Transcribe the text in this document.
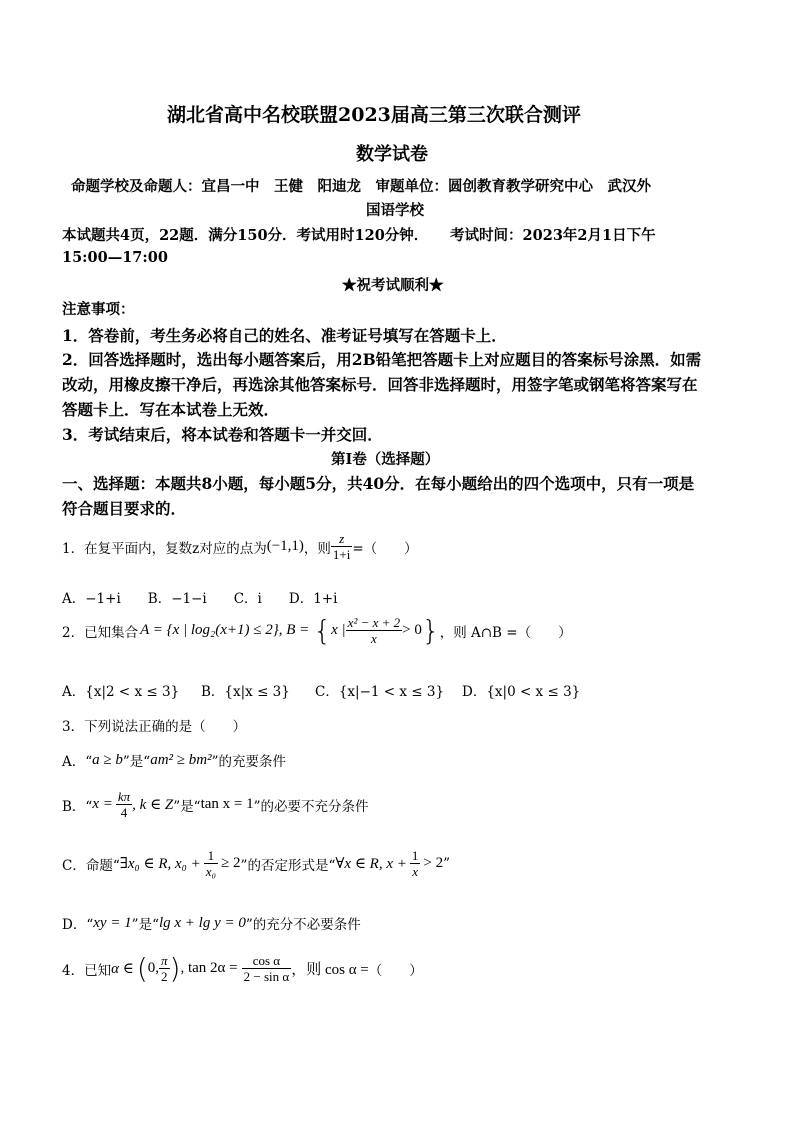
湖北省高中名校联盟2023届高三第三次联合测评
数学试卷
命题学校及命题人：宜昌一中　王健　阳迪龙　审题单位：圆创教育教学研究中心　武汉外
国语学校
本试题共4页，22题．满分150分．考试用时120分钟．　　考试时间：2023年2月1日下午
15:00—17:00
★祝考试顺利★
注意事项：
1．答卷前，考生务必将自己的姓名、准考证号填写在答题卡上．
2．回答选择题时，选出每小题答案后，用2B铅笔把答题卡上对应题目的答案标号涂黑．如需
改动，用橡皮擦干净后，再选涂其他答案标号．回答非选择题时，用签字笔或钢笔将答案写在
答题卡上．写在本试卷上无效．
3．考试结束后，将本试卷和答题卡一并交回．
第Ⅰ卷（选择题）
一、选择题：本题共8小题，每小题5分，共40分．在每小题给出的四个选项中，只有一项是
符合题目要求的．
1．在复平面内，复数z对应的点为 (−1,1) ，则 $\frac{z}{1+i}$ =（　　）
A．−1+i　　B．−1−i　　C．i　　D．1+i
2．已知集合 A = {x | log₂(x+1) ≤ 2}, B = { x | $\frac{\text{x² − x + 2}}{x} > 0$ } ，则 A∩B =（　　）
A．{x|2 < x ≤ 3} B．{x|x ≤ 3} C．{x|−1 < x ≤ 3} D．{x|0 < x ≤ 3}
3．下列说法正确的是（　　）
A．“ a ≥ b ”是“ am² ≥ bm² ”的充要条件
B．“ $x = \frac{k\pi}{4}$ , k ∈ Z ”是“ tan x = 1 ”的必要不充分条件
C．命题“ ∃x₀ ∈ R, $x_0 + \frac{1}{\text{x₀}} \ge 2$ ”的否定形式是“ ∀x ∈ R, $x + \frac{1}{x} > 2$ ”
D．“ xy = 1 ”是“ lg x + lg y = 0 ”的充分不必要条件
4．已知 α ∈ ( 0, $\frac{\pi}{2}$ ) , $\tan 2\alpha = \frac{\text{cos α}}{\text{2 − sin α}}$ ，则 cos α = （　　）
